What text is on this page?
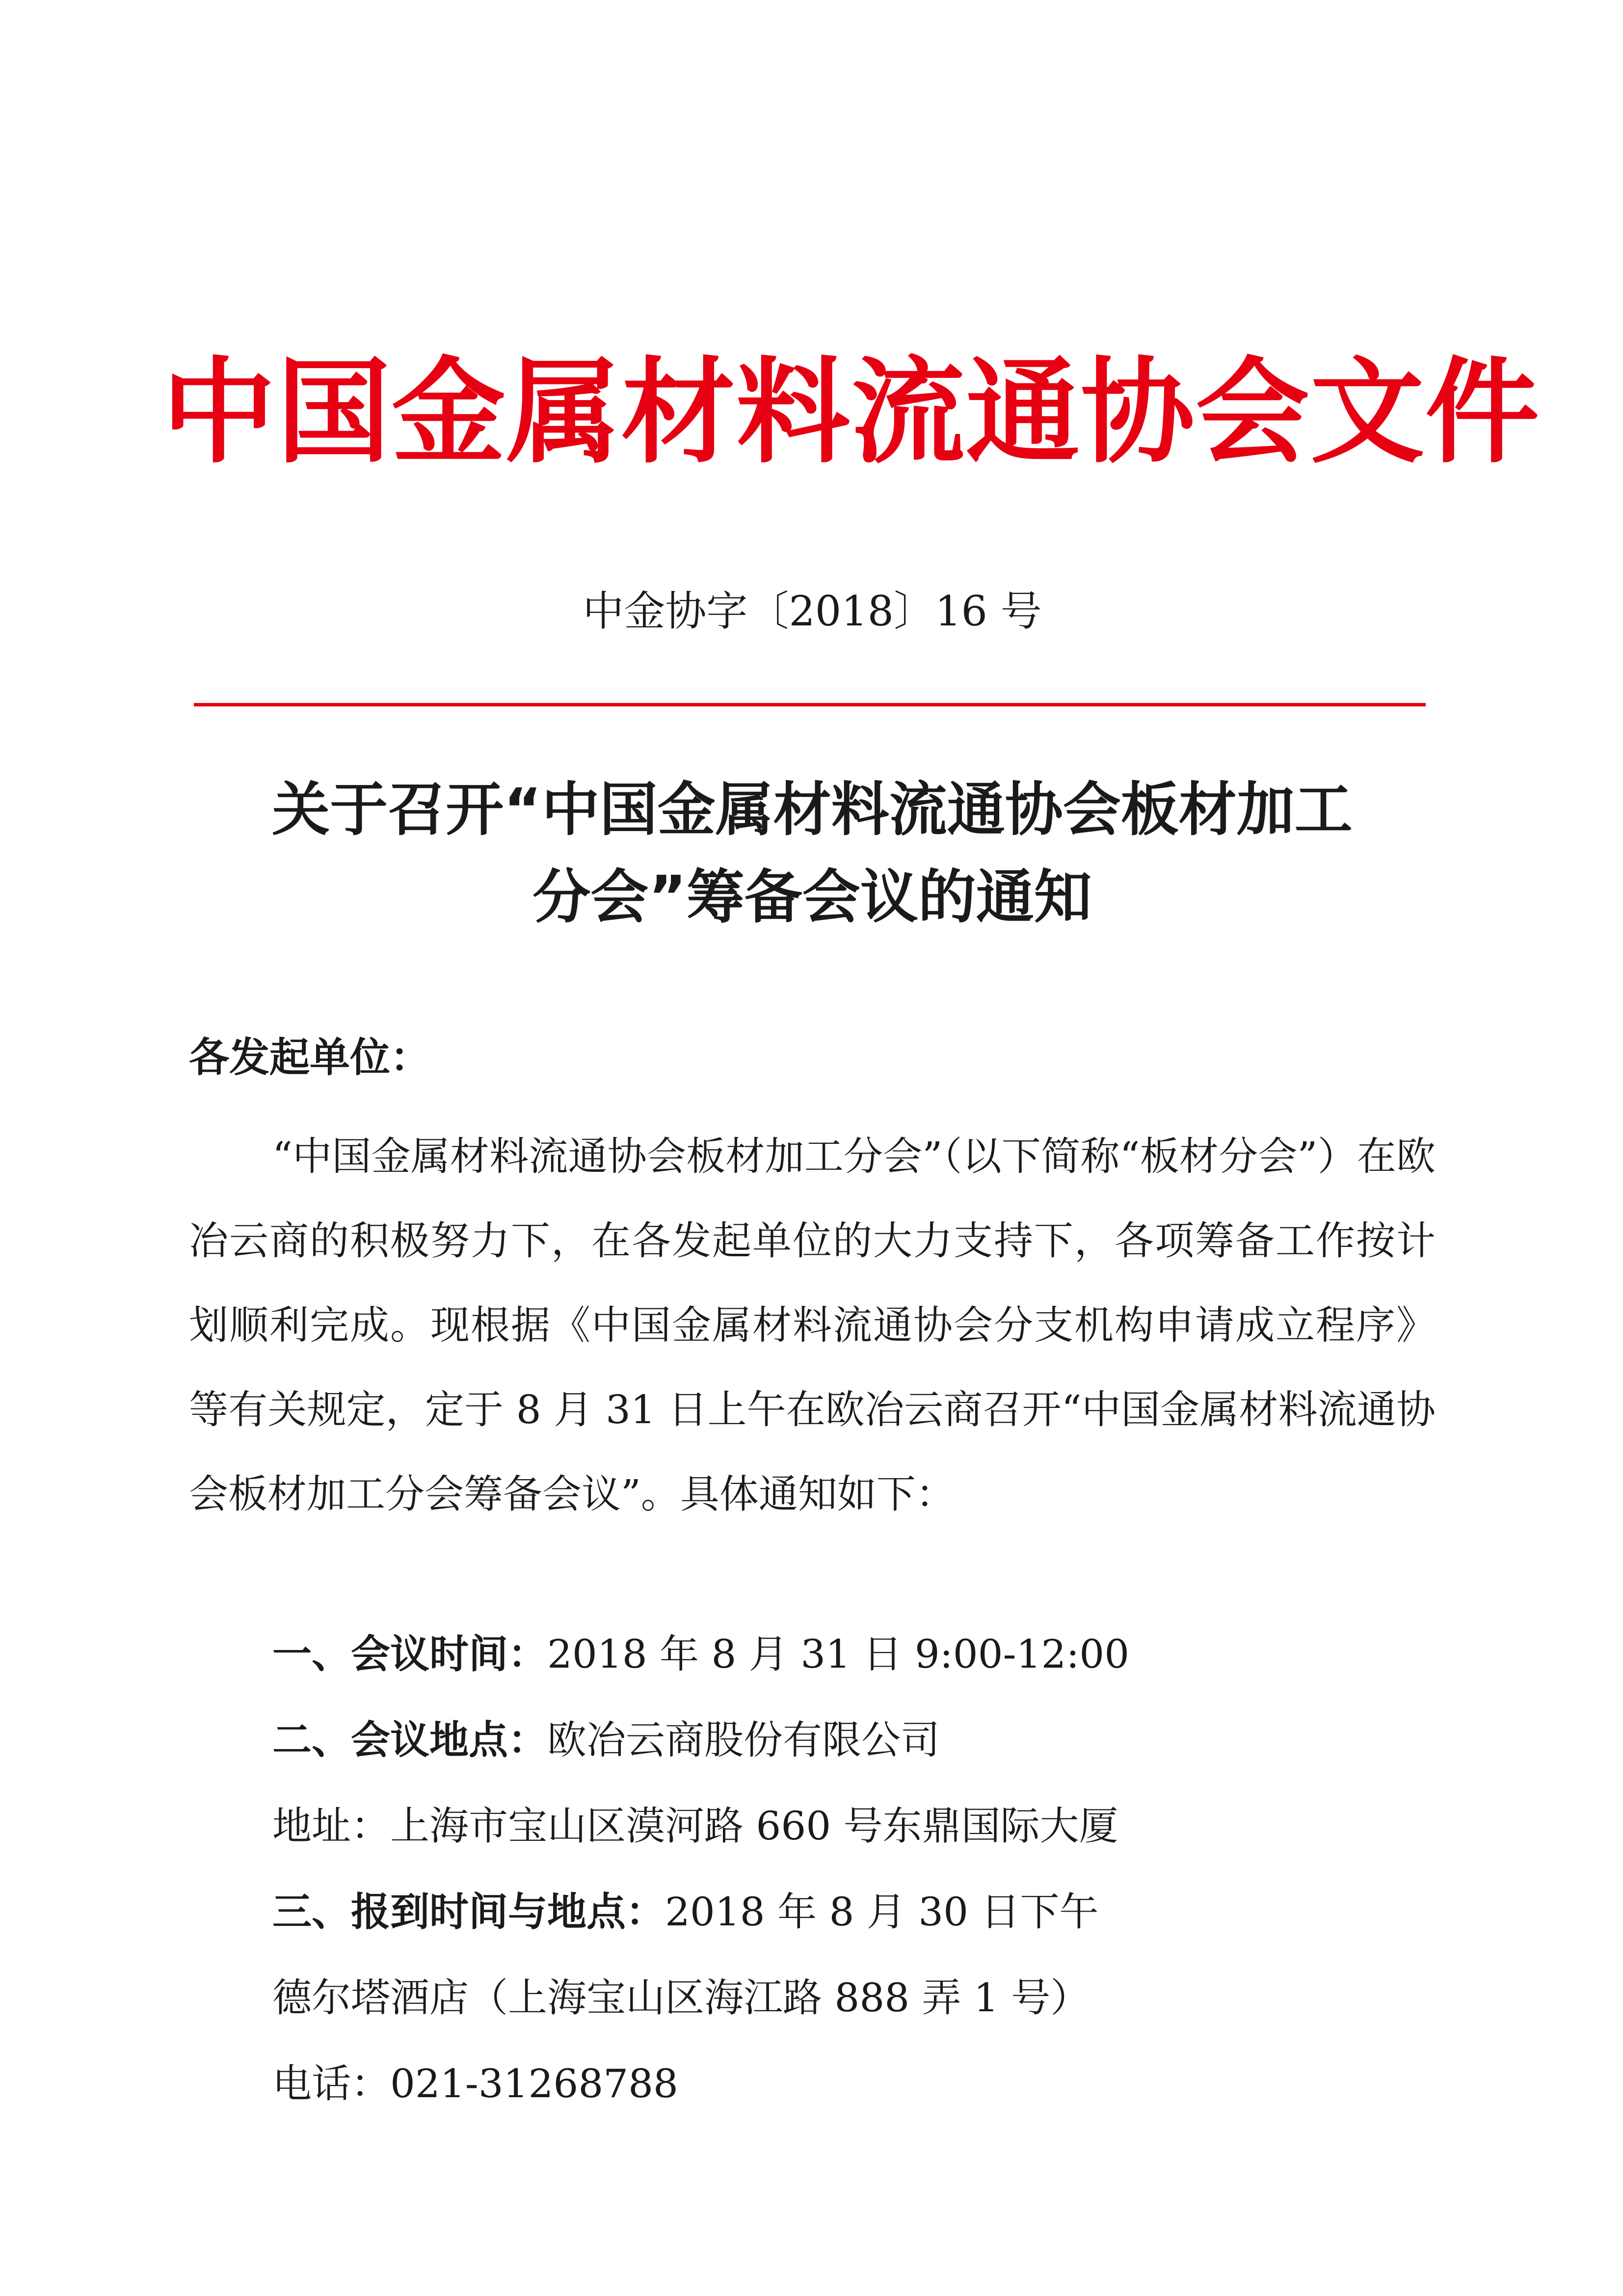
中国金属材料流通协会文件
中金协字〔2018〕16 号
关于召开“中国金属材料流通协会板材加工
分会”筹备会议的通知
各发起单位：
“中国金属材料流通协会板材加工分会”（以下简称“板材分会”）在欧冶云商的积极努力下，在各发起单位的大力支持下，各项筹备工作按计划顺利完成。现根据《中国金属材料流通协会分支机构申请成立程序》等有关规定，定于 8 月 31 日上午在欧冶云商召开“中国金属材料流通协会板材加工分会筹备会议”。具体通知如下：
一、会议时间：2018 年 8 月 31 日 9:00-12:00
二、会议地点：欧冶云商股份有限公司
地址：上海市宝山区漠河路 660 号东鼎国际大厦
三、报到时间与地点：2018 年 8 月 30 日下午
德尔塔酒店（上海宝山区海江路 888 弄 1 号）
电话：021-31268788
